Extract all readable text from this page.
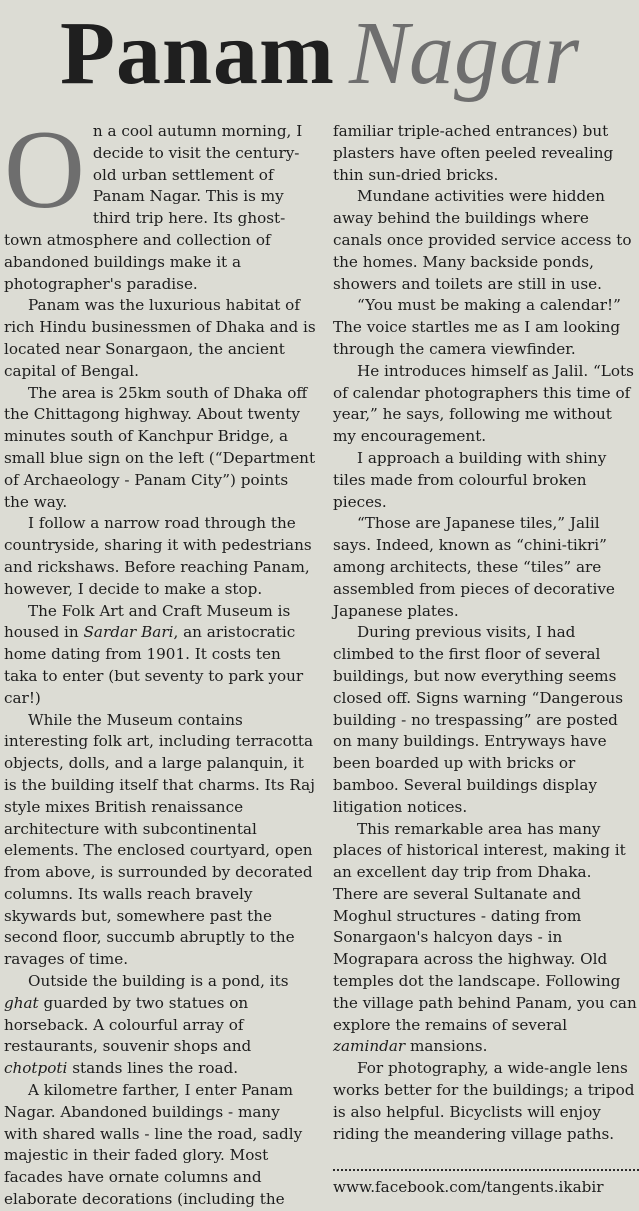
Panam Nagar

On a cool autumn morning, I decide to visit the century-old urban settlement of Panam Nagar. This is my third trip here. Its ghost-town atmosphere and collection of abandoned buildings make it a photographer's paradise.

Panam was the luxurious habitat of rich Hindu businessmen of Dhaka and is located near Sonargaon, the ancient capital of Bengal.

The area is 25km south of Dhaka off the Chittagong highway. About twenty minutes south of Kanchpur Bridge, a small blue sign on the left (“Department of Archaeology - Panam City”) points the way.

I follow a narrow road through the countryside, sharing it with pedestrians and rickshaws. Before reaching Panam, however, I decide to make a stop.

The Folk Art and Craft Museum is housed in Sardar Bari, an aristocratic home dating from 1901. It costs ten taka to enter (but seventy to park your car!)

While the Museum contains interesting folk art, including terracotta objects, dolls, and a large palanquin, it is the building itself that charms. Its Raj style mixes British renaissance architecture with subcontinental elements. The enclosed courtyard, open from above, is surrounded by decorated columns. Its walls reach bravely skywards but, somewhere past the second floor, succumb abruptly to the ravages of time.

Outside the building is a pond, its ghat guarded by two statues on horseback. A colourful array of restaurants, souvenir shops and chotpoti stands lines the road.

A kilometre farther, I enter Panam Nagar. Abandoned buildings - many with shared walls - line the road, sadly majestic in their faded glory. Most facades have ornate columns and elaborate decorations (including the

familiar triple-ached entrances) but plasters have often peeled revealing thin sun-dried bricks.

Mundane activities were hidden away behind the buildings where canals once provided service access to the homes. Many backside ponds, showers and toilets are still in use.

“You must be making a calendar!” The voice startles me as I am looking through the camera viewfinder.

He introduces himself as Jalil. “Lots of calendar photographers this time of year,” he says, following me without my encouragement.

I approach a building with shiny tiles made from colourful broken pieces.

“Those are Japanese tiles,” Jalil says. Indeed, known as “chini-tikri” among architects, these “tiles” are assembled from pieces of decorative Japanese plates.

During previous visits, I had climbed to the first floor of several buildings, but now everything seems closed off. Signs warning “Dangerous building - no trespassing” are posted on many buildings. Entryways have been boarded up with bricks or bamboo. Several buildings display litigation notices.

This remarkable area has many places of historical interest, making it an excellent day trip from Dhaka. There are several Sultanate and Moghul structures - dating from Sonargaon's halcyon days - in Mograpara across the highway. Old temples dot the landscape. Following the village path behind Panam, you can explore the remains of several zamindar mansions.

For photography, a wide-angle lens works better for the buildings; a tripod is also helpful. Bicyclists will enjoy riding the meandering village paths.

www.facebook.com/tangents.ikabir
